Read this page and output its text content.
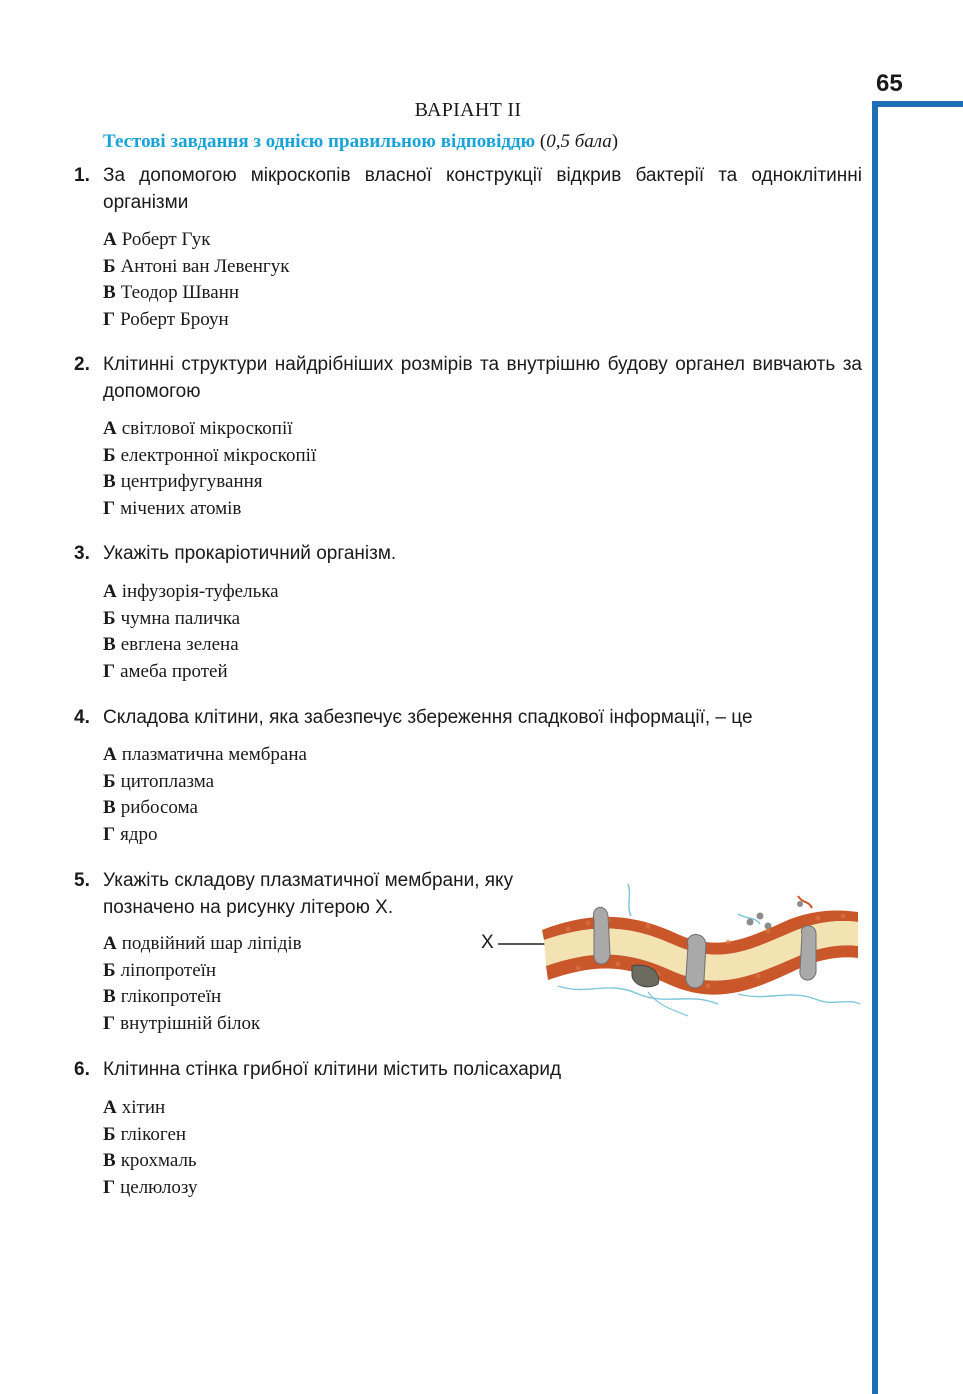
65
ВАРІАНТ ІІ
Тестові завдання з однією правильною відповіддю (0,5 бала)
1. За допомогою мікроскопів власної конструкції відкрив бактерії та одноклітинні організми
А Роберт Гук
Б Антоні ван Левенгук
В Теодор Шванн
Г Роберт Броун
2. Клітинні структури найдрібніших розмірів та внутрішню будову органел вивчають за допомогою
А світлової мікроскопії
Б електронної мікроскопії
В центрифугування
Г мічених атомів
3. Укажіть прокаріотичний організм.
А інфузорія-туфелька
Б чумна паличка
В евглена зелена
Г амеба протей
4. Складова клітини, яка забезпечує збереження спадкової інформації, – це
А плазматична мембрана
Б цитоплазма
В рибосома
Г ядро
5. Укажіть складову плазматичної мембрани, яку позначено на рисунку літерою Х.
А подвійний шар ліпідів
Б ліпопротеїн
В глікопротеїн
Г внутрішній білок
Х
6. Клітинна стінка грибної клітини містить полісахарид
А хітин
Б глікоген
В крохмаль
Г целюлозу
